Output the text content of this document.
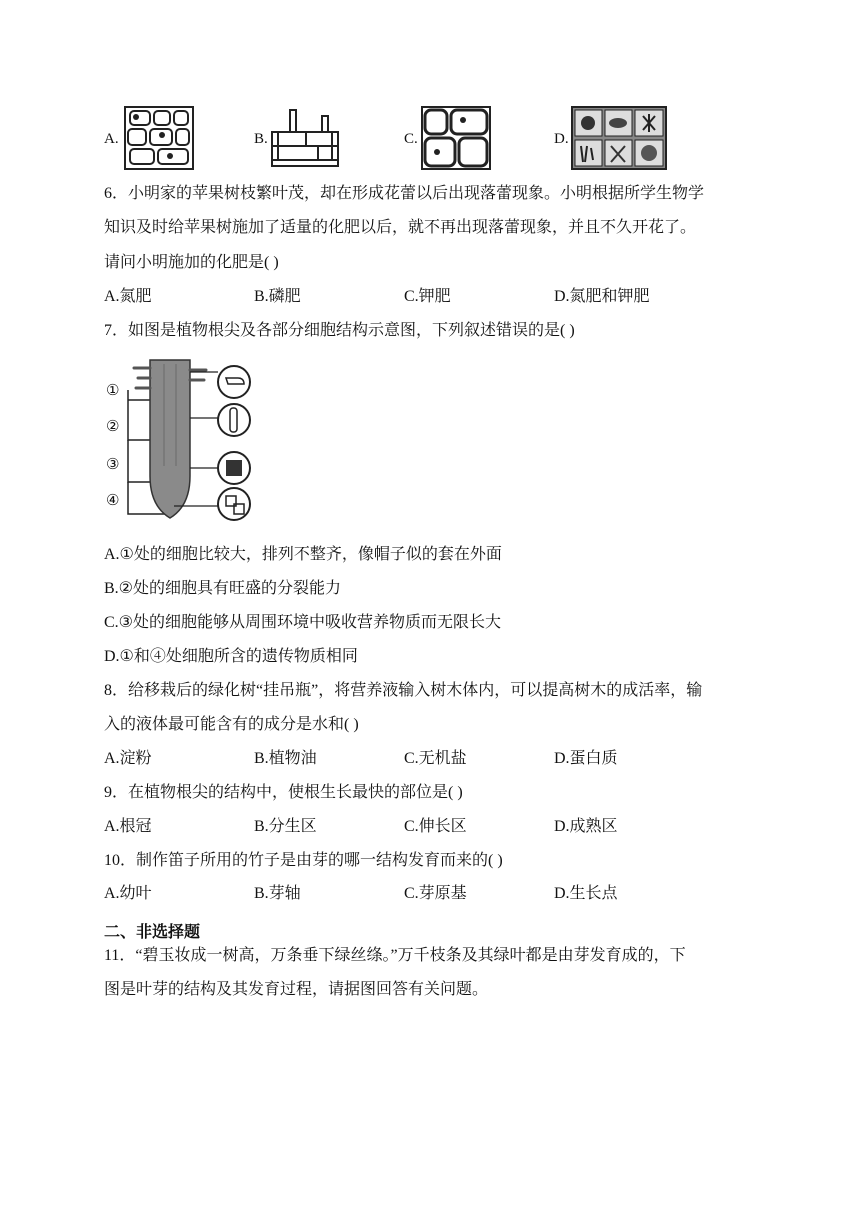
A.	B.	C.	D.
6．小明家的苹果树枝繁叶茂，却在形成花蕾以后出现落蕾现象。小明根据所学生物学
知识及时给苹果树施加了适量的化肥以后，就不再出现落蕾现象，并且不久开花了。
请问小明施加的化肥是( )
A.氮肥	B.磷肥	C.钾肥	D.氮肥和钾肥
7．如图是植物根尖及各部分细胞结构示意图，下列叙述错误的是( )
①
②
③
④
A.①处的细胞比较大，排列不整齐，像帽子似的套在外面
B.②处的细胞具有旺盛的分裂能力
C.③处的细胞能够从周围环境中吸收营养物质而无限长大
D.①和④处细胞所含的遗传物质相同
8．给移栽后的绿化树“挂吊瓶”，将营养液输入树木体内，可以提高树木的成活率，输
入的液体最可能含有的成分是水和( )
A.淀粉	B.植物油	C.无机盐	D.蛋白质
9．在植物根尖的结构中，使根生长最快的部位是( )
A.根冠	B.分生区	C.伸长区	D.成熟区
10．制作笛子所用的竹子是由芽的哪一结构发育而来的( )
A.幼叶	B.芽轴	C.芽原基	D.生长点
二、非选择题
11．“碧玉妆成一树高，万条垂下绿丝绦。”万千枝条及其绿叶都是由芽发育成的，下
图是叶芽的结构及其发育过程，请据图回答有关问题。
